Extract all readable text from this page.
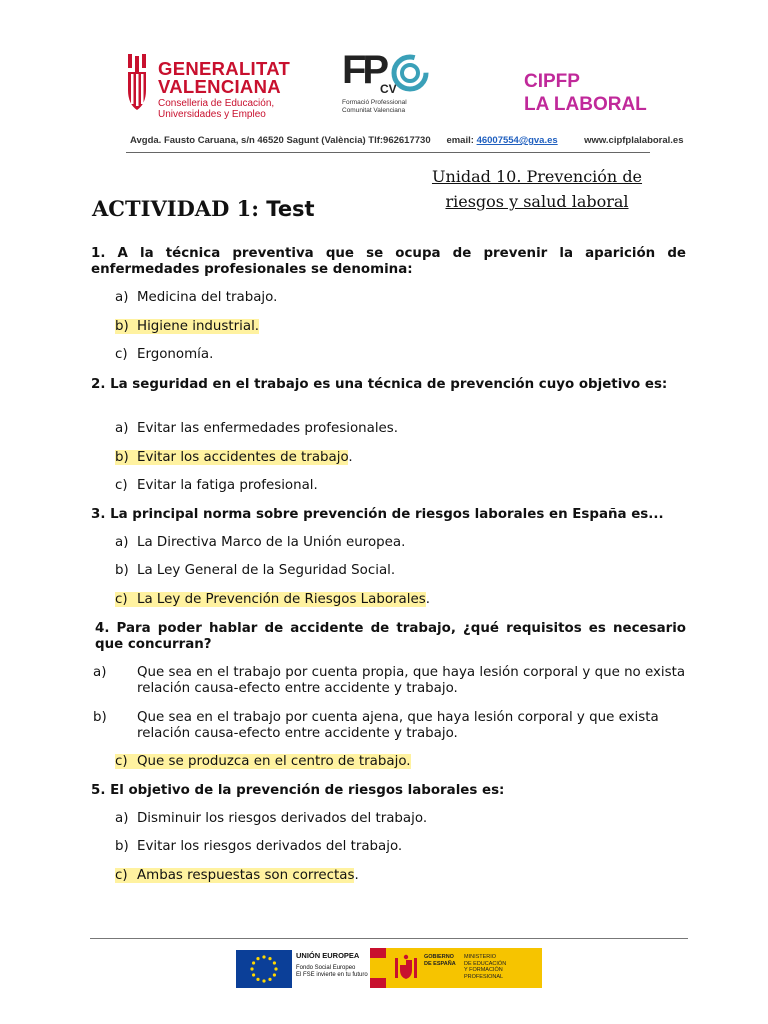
GENERALITAT
VALENCIANA
Conselleria de Educación,
Universidades y Empleo
FP
CV
Formació Professional
Comunitat Valenciana
CIPFP
LA LABORAL
Avgda. Fausto Caruana, s/n 46520 Sagunt (València) Tlf:962617730 email: 46007554@gva.es	www.cipfplalaboral.es
Unidad 10. Prevención de
riesgos y salud laboral
ACTIVIDAD 1: Test
1. A la técnica preventiva que se ocupa de prevenir la aparición de enfermedades profesionales se denomina:
a) Medicina del trabajo.
b) Higiene industrial.
c) Ergonomía.
2. La seguridad en el trabajo es una técnica de prevención cuyo objetivo es:
a) Evitar las enfermedades profesionales.
b) Evitar los accidentes de trabajo.
c) Evitar la fatiga profesional.
3. La principal norma sobre prevención de riesgos laborales en España es...
a) La Directiva Marco de la Unión europea.
b) La Ley General de la Seguridad Social.
c) La Ley de Prevención de Riesgos Laborales.
4. Para poder hablar de accidente de trabajo, ¿qué requisitos es necesario que concurran?
a) Que sea en el trabajo por cuenta propia, que haya lesión corporal y que no exista relación causa-efecto entre accidente y trabajo.
b) Que sea en el trabajo por cuenta ajena, que haya lesión corporal y que exista relación causa-efecto entre accidente y trabajo.
c) Que se produzca en el centro de trabajo.
5. El objetivo de la prevención de riesgos laborales es:
a) Disminuir los riesgos derivados del trabajo.
b) Evitar los riesgos derivados del trabajo.
c) Ambas respuestas son correctas.
UNIÓN EUROPEA
Fondo Social Europeo
El FSE invierte en tu futuro
GOBIERNO
DE ESPAÑA
MINISTERIO
DE EDUCACIÓN
Y FORMACIÓN PROFESIONAL
